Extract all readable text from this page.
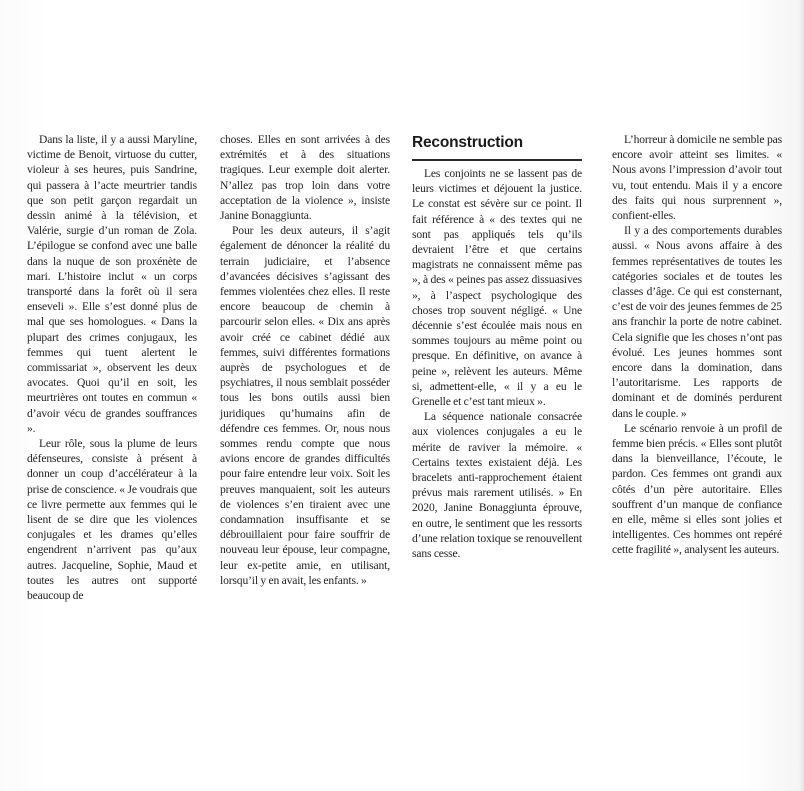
Dans la liste, il y a aussi Maryline, victime de Benoit, virtuose du cutter, violeur à ses heures, puis Sandrine, qui passera à l’acte meurtrier tandis que son petit garçon regardait un dessin animé à la télévision, et Valérie, surgie d’un roman de Zola. L’épilogue se confond avec une balle dans la nuque de son proxénète de mari. L’histoire inclut « un corps transporté dans la forêt où il sera enseveli ». Elle s’est donné plus de mal que ses homologues. « Dans la plupart des crimes conjugaux, les femmes qui tuent alertent le commissariat », observent les deux avocates. Quoi qu’il en soit, les meurtrières ont toutes en commun « d’avoir vécu de grandes souffrances ».

Leur rôle, sous la plume de leurs défenseures, consiste à présent à donner un coup d’accélérateur à la prise de conscience. « Je voudrais que ce livre permette aux femmes qui le lisent de se dire que les violences conjugales et les drames qu’elles engendrent n’arrivent pas qu’aux autres. Jacqueline, Sophie, Maud et toutes les autres ont supporté beaucoup de

choses. Elles en sont arrivées à des extrémités et à des situations tragiques. Leur exemple doit alerter. N’allez pas trop loin dans votre acceptation de la violence », insiste Janine Bonaggiunta.

Pour les deux auteurs, il s’agit également de dénoncer la réalité du terrain judiciaire, et l’absence d’avancées décisives s’agissant des femmes violentées chez elles. Il reste encore beaucoup de chemin à parcourir selon elles. « Dix ans après avoir créé ce cabinet dédié aux femmes, suivi différentes formations auprès de psychologues et de psychiatres, il nous semblait posséder tous les bons outils aussi bien juridiques qu’humains afin de défendre ces femmes. Or, nous nous sommes rendu compte que nous avions encore de grandes difficultés pour faire entendre leur voix. Soit les preuves manquaient, soit les auteurs de violences s’en tiraient avec une condamnation insuffisante et se débrouillaient pour faire souffrir de nouveau leur épouse, leur compagne, leur ex-petite amie, en utilisant, lorsqu’il y en avait, les enfants. »

Reconstruction

Les conjoints ne se lassent pas de leurs victimes et déjouent la justice. Le constat est sévère sur ce point. Il fait référence à « des textes qui ne sont pas appliqués tels qu’ils devraient l’être et que certains magistrats ne connaissent même pas », à des « peines pas assez dissuasives », à l’aspect psychologique des choses trop souvent négligé. « Une décennie s’est écoulée mais nous en sommes toujours au même point ou presque. En définitive, on avance à peine », relèvent les auteurs. Même si, admettent-elle, « il y a eu le Grenelle et c’est tant mieux ».

La séquence nationale consacrée aux violences conjugales a eu le mérite de raviver la mémoire. « Certains textes existaient déjà. Les bracelets anti-rapprochement étaient prévus mais rarement utilisés. » En 2020, Janine Bonaggiunta éprouve, en outre, le sentiment que les ressorts d’une relation toxique se renouvellent sans cesse.

L’horreur à domicile ne semble pas encore avoir atteint ses limites. « Nous avons l’impression d’avoir tout vu, tout entendu. Mais il y a encore des faits qui nous surprennent », confient-elles.

Il y a des comportements durables aussi. « Nous avons affaire à des femmes représentatives de toutes les catégories sociales et de toutes les classes d’âge. Ce qui est consternant, c’est de voir des jeunes femmes de 25 ans franchir la porte de notre cabinet. Cela signifie que les choses n’ont pas évolué. Les jeunes hommes sont encore dans la domination, dans l’autoritarisme. Les rapports de dominant et de dominés perdurent dans le couple. »

Le scénario renvoie à un profil de femme bien précis. « Elles sont plutôt dans la bienveillance, l’écoute, le pardon. Ces femmes ont grandi aux côtés d’un père autoritaire. Elles souffrent d’un manque de confiance en elle, même si elles sont jolies et intelligentes. Ces hommes ont repéré cette fragilité », analysent les auteurs.
